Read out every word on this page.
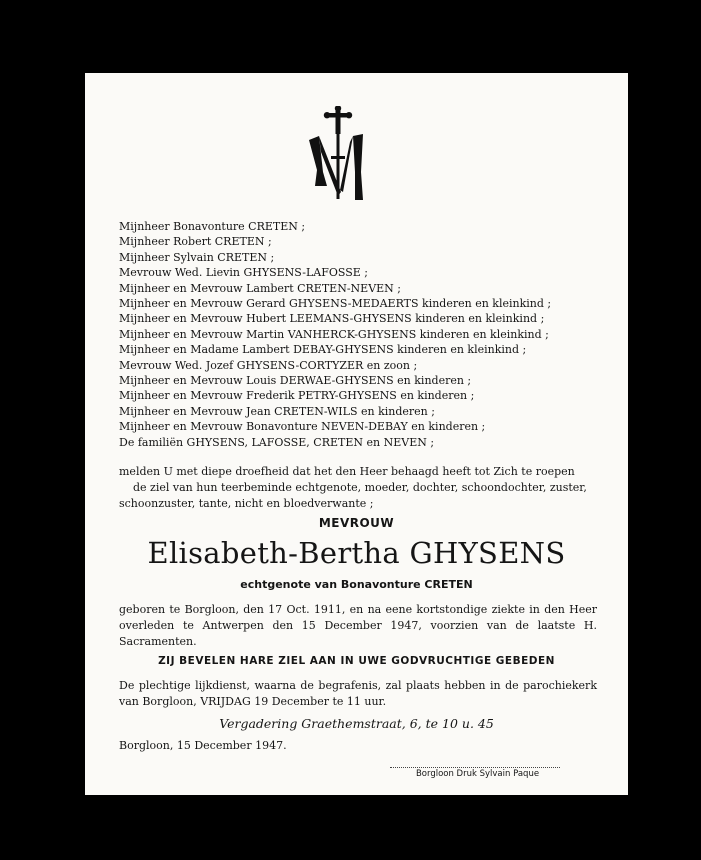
Mijnheer Bonavonture CRETEN ;
Mijnheer Robert CRETEN ;
Mijnheer Sylvain CRETEN ;
Mevrouw Wed. Lievin GHYSENS-LAFOSSE ;
Mijnheer en Mevrouw Lambert CRETEN-NEVEN ;
Mijnheer en Mevrouw Gerard GHYSENS-MEDAERTS kinderen en kleinkind ;
Mijnheer en Mevrouw Hubert LEEMANS-GHYSENS kinderen en kleinkind ;
Mijnheer en Mevrouw Martin VANHERCK-GHYSENS kinderen en kleinkind ;
Mijnheer en Madame Lambert DEBAY-GHYSENS kinderen en kleinkind ;
Mevrouw Wed. Jozef GHYSENS-CORTYZER en zoon ;
Mijnheer en Mevrouw Louis DERWAE-GHYSENS en kinderen ;
Mijnheer en Mevrouw Frederik PETRY-GHYSENS en kinderen ;
Mijnheer en Mevrouw Jean CRETEN-WILS en kinderen ;
Mijnheer en Mevrouw Bonavonture NEVEN-DEBAY en kinderen ;
De familiën GHYSENS, LAFOSSE, CRETEN en NEVEN ;

melden U met diepe droefheid dat het den Heer behaagd heeft tot Zich te roepen

de ziel van hun teerbeminde echtgenote, moeder, dochter, schoondochter, zuster, schoonzuster, tante, nicht en bloedverwante ;

MEVROUW
Elisabeth-Bertha GHYSENS
echtgenote van Bonavonture CRETEN
geboren te Borgloon, den 17 Oct. 1911, en na eene kortstondige ziekte in den Heer overleden te Antwerpen den 15 December 1947, voorzien van de laatste H. Sacramenten.
ZIJ BEVELEN HARE ZIEL AAN IN UWE GODVRUCHTIGE GEBEDEN
De plechtige lijkdienst, waarna de begrafenis, zal plaats hebben in de parochiekerk van Borgloon, VRIJDAG 19 December te 11 uur.
Vergadering Graethemstraat, 6, te 10 u. 45
Borgloon, 15 December 1947.
Borgloon Druk Sylvain Paque
